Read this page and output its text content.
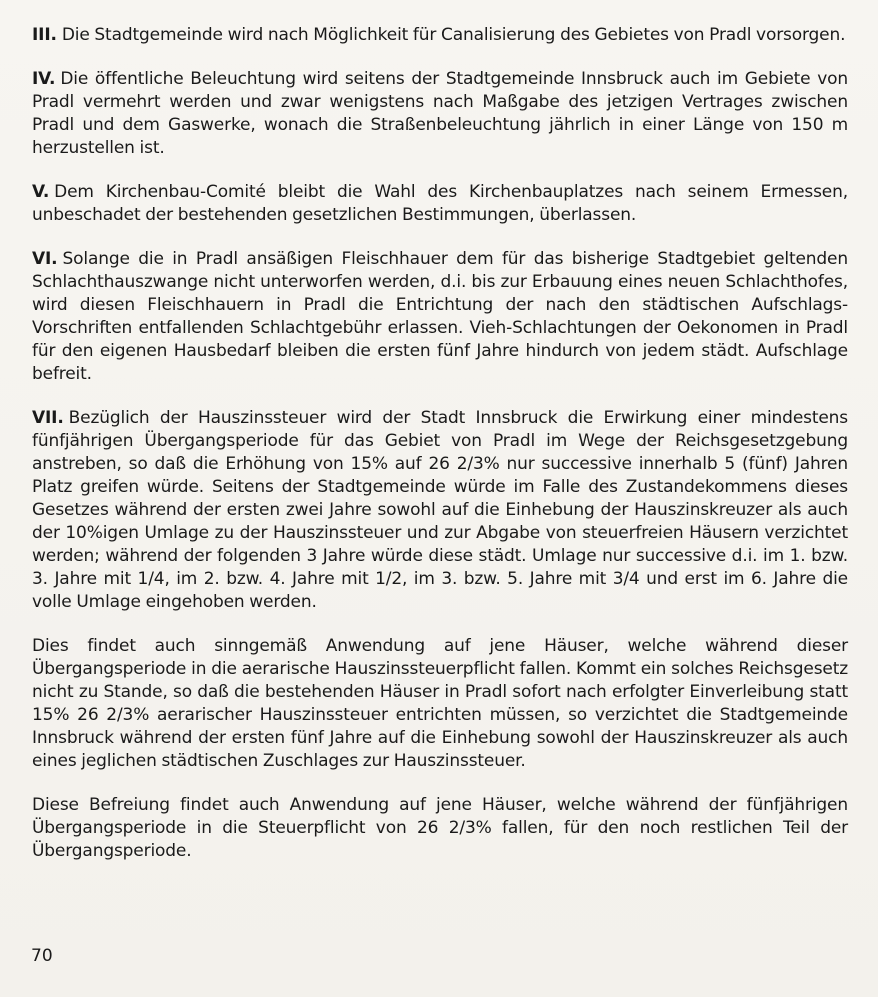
III. Die Stadtgemeinde wird nach Möglichkeit für Canalisierung des Gebietes von Pradl vorsorgen.

IV. Die öffentliche Beleuchtung wird seitens der Stadtgemeinde Innsbruck auch im Gebiete von Pradl vermehrt werden und zwar wenigstens nach Maßgabe des jetzigen Vertrages zwischen Pradl und dem Gaswerke, wonach die Straßenbeleuchtung jährlich in einer Länge von 150 m herzustellen ist.

V. Dem Kirchenbau-Comité bleibt die Wahl des Kirchenbauplatzes nach seinem Ermessen, unbeschadet der bestehenden gesetzlichen Bestimmungen, überlassen.

VI. Solange die in Pradl ansäßigen Fleischhauer dem für das bisherige Stadtgebiet geltenden Schlachthauszwange nicht unterworfen werden, d.i. bis zur Erbauung eines neuen Schlachthofes, wird diesen Fleischhauern in Pradl die Entrichtung der nach den städtischen Aufschlags-Vorschriften entfallenden Schlachtgebühr erlassen. Vieh-Schlachtungen der Oekonomen in Pradl für den eigenen Hausbedarf bleiben die ersten fünf Jahre hindurch von jedem städt. Aufschlage befreit.

VII. Bezüglich der Hauszinssteuer wird der Stadt Innsbruck die Erwirkung einer mindestens fünfjährigen Übergangsperiode für das Gebiet von Pradl im Wege der Reichsgesetzgebung anstreben, so daß die Erhöhung von 15% auf 26 2/3% nur successive innerhalb 5 (fünf) Jahren Platz greifen würde. Seitens der Stadtgemeinde würde im Falle des Zustandekommens dieses Gesetzes während der ersten zwei Jahre sowohl auf die Einhebung der Hauszinskreuzer als auch der 10%igen Umlage zu der Hauszinssteuer und zur Abgabe von steuerfreien Häusern verzichtet werden; während der folgenden 3 Jahre würde diese städt. Umlage nur successive d.i. im 1. bzw. 3. Jahre mit 1/4, im 2. bzw. 4. Jahre mit 1/2, im 3. bzw. 5. Jahre mit 3/4 und erst im 6. Jahre die volle Umlage eingehoben werden.

Dies findet auch sinngemäß Anwendung auf jene Häuser, welche während dieser Übergangsperiode in die aerarische Hauszinssteuerpflicht fallen. Kommt ein solches Reichsgesetz nicht zu Stande, so daß die bestehenden Häuser in Pradl sofort nach erfolgter Einverleibung statt 15% 26 2/3% aerarischer Hauszinssteuer entrichten müssen, so verzichtet die Stadtgemeinde Innsbruck während der ersten fünf Jahre auf die Einhebung sowohl der Hauszinskreuzer als auch eines jeglichen städtischen Zuschlages zur Hauszinssteuer.

Diese Befreiung findet auch Anwendung auf jene Häuser, welche während der fünfjährigen Übergangsperiode in die Steuerpflicht von 26 2/3% fallen, für den noch restlichen Teil der Übergangsperiode.

70
